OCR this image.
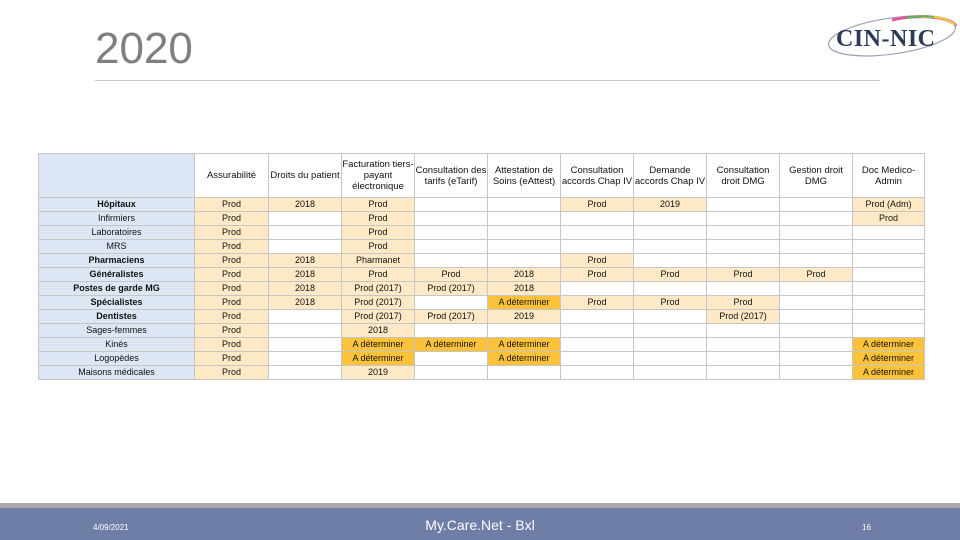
2020	CIN-NIC
	Assurabilité	Droits du patient	Facturation tiers-payant électronique	Consultation des tarifs (eTarif)	Attestation de Soins (eAttest)	Consultation accords Chap IV	Demande accords Chap IV	Consultation droit DMG	Gestion droit DMG	Doc Medico-Admin
Hôpitaux	Prod	2018	Prod			Prod	2019			Prod (Adm)
Infirmiers	Prod		Prod							Prod
Laboratoires	Prod		Prod							
MRS	Prod		Prod							
Pharmaciens	Prod	2018	Pharmanet			Prod				
Généralistes	Prod	2018	Prod	Prod	2018	Prod	Prod	Prod	Prod	
Postes de garde MG	Prod	2018	Prod (2017)	Prod (2017)	2018					
Spécialistes	Prod	2018	Prod (2017)		A déterminer	Prod	Prod	Prod		
Dentistes	Prod		Prod (2017)	Prod (2017)	2019			Prod (2017)		
Sages-femmes	Prod		2018							
Kinés	Prod		A déterminer	A déterminer	A déterminer					A déterminer
Logopèdes	Prod		A déterminer		A déterminer					A déterminer
Maisons médicales	Prod		2019							A déterminer
4/09/2021	My.Care.Net - Bxl	16
